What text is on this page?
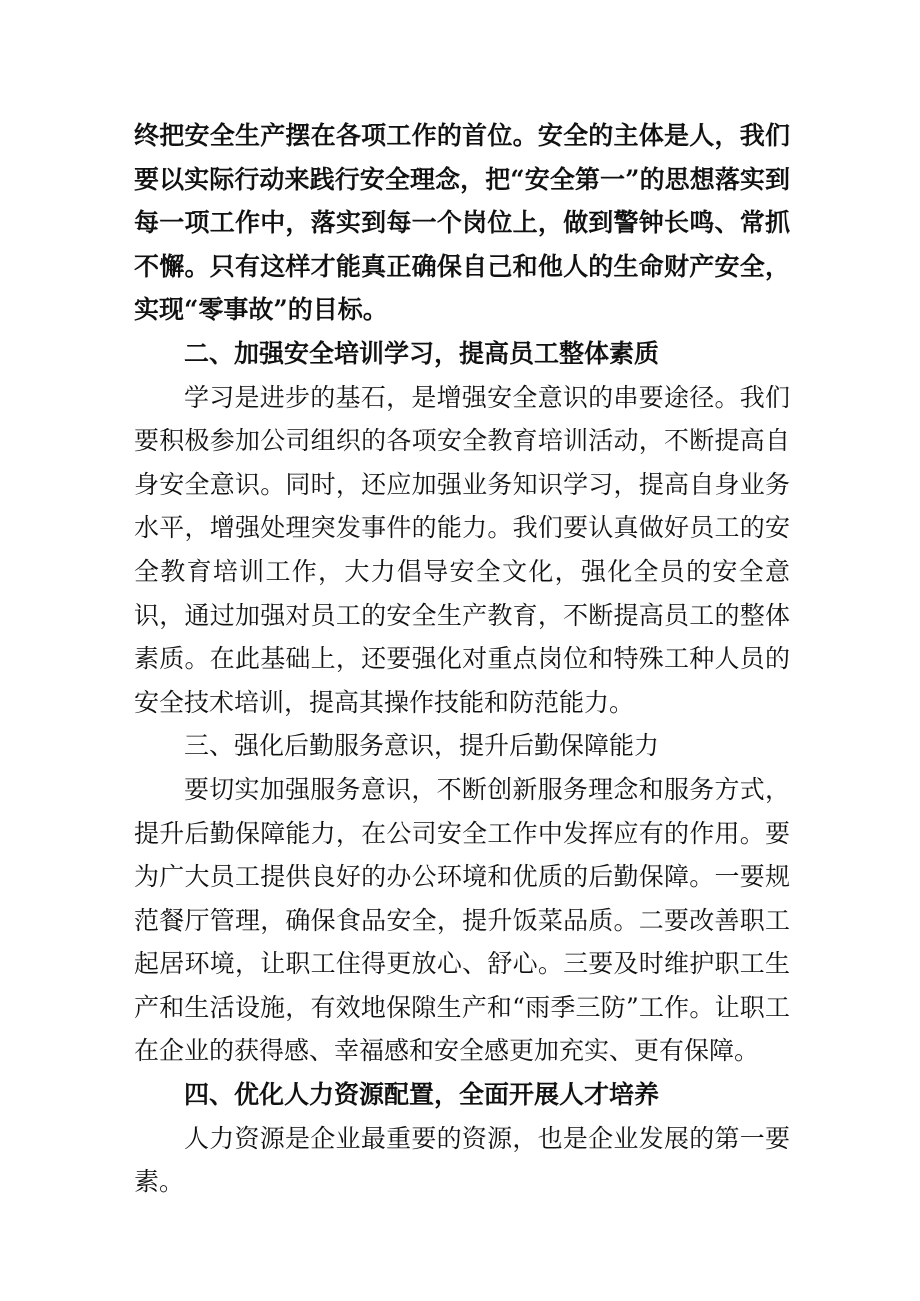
终把安全生产摆在各项工作的首位。安全的主体是人，我们要以实际行动来践行安全理念，把“安全第一”的思想落实到每一项工作中，落实到每一个岗位上，做到警钟长鸣、常抓不懈。只有这样才能真正确保自己和他人的生命财产安全，实现“零事故”的目标。

二、加强安全培训学习，提高员工整体素质

学习是进步的基石，是增强安全意识的串要途径。我们要积极参加公司组织的各项安全教育培训活动，不断提高自身安全意识。同时，还应加强业务知识学习，提高自身业务水平，增强处理突发事件的能力。我们要认真做好员工的安全教育培训工作，大力倡导安全文化，强化全员的安全意识，通过加强对员工的安全生产教育，不断提高员工的整体素质。在此基础上，还要强化对重点岗位和特殊工种人员的安全技术培训，提高其操作技能和防范能力。

三、强化后勤服务意识，提升后勤保障能力

要切实加强服务意识，不断创新服务理念和服务方式，提升后勤保障能力，在公司安全工作中发挥应有的作用。要为广大员工提供良好的办公环境和优质的后勤保障。一要规范餐厅管理，确保食品安全，提升饭菜品质。二要改善职工起居环境，让职工住得更放心、舒心。三要及时维护职工生产和生活设施，有效地保隙生产和“雨季三防”工作。让职工在企业的获得感、幸福感和安全感更加充实、更有保障。

四、优化人力资源配置，全面开展人才培养

人力资源是企业最重要的资源，也是企业发展的第一要素。
